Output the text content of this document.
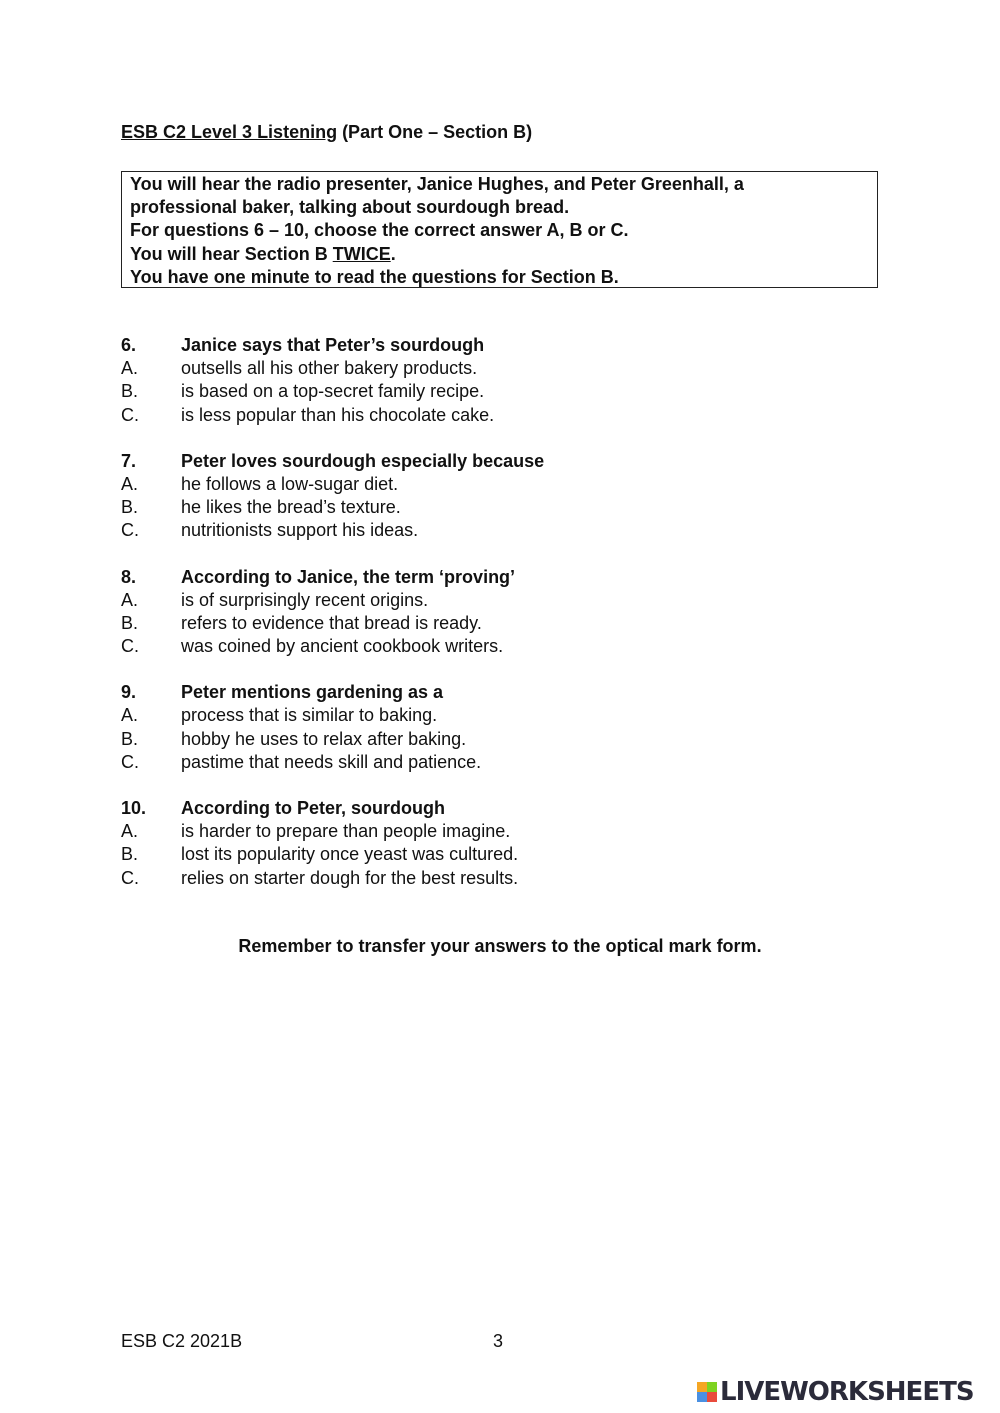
ESB C2 Level 3 Listening (Part One – Section B)
You will hear the radio presenter, Janice Hughes, and Peter Greenhall, a
professional baker, talking about sourdough bread.
For questions 6 – 10, choose the correct answer A, B or C.
You will hear Section B TWICE.
You have one minute to read the questions for Section B.
6.	Janice says that Peter’s sourdough
A.	outsells all his other bakery products.
B.	is based on a top-secret family recipe.
C.	is less popular than his chocolate cake.
7.	Peter loves sourdough especially because
A.	he follows a low-sugar diet.
B.	he likes the bread’s texture.
C.	nutritionists support his ideas.
8.	According to Janice, the term ‘proving’
A.	is of surprisingly recent origins.
B.	refers to evidence that bread is ready.
C.	was coined by ancient cookbook writers.
9.	Peter mentions gardening as a
A.	process that is similar to baking.
B.	hobby he uses to relax after baking.
C.	pastime that needs skill and patience.
10.	According to Peter, sourdough
A.	is harder to prepare than people imagine.
B.	lost its popularity once yeast was cultured.
C.	relies on starter dough for the best results.
Remember to transfer your answers to the optical mark form.
ESB C2 2021B	3
LIVEWORKSHEETS
